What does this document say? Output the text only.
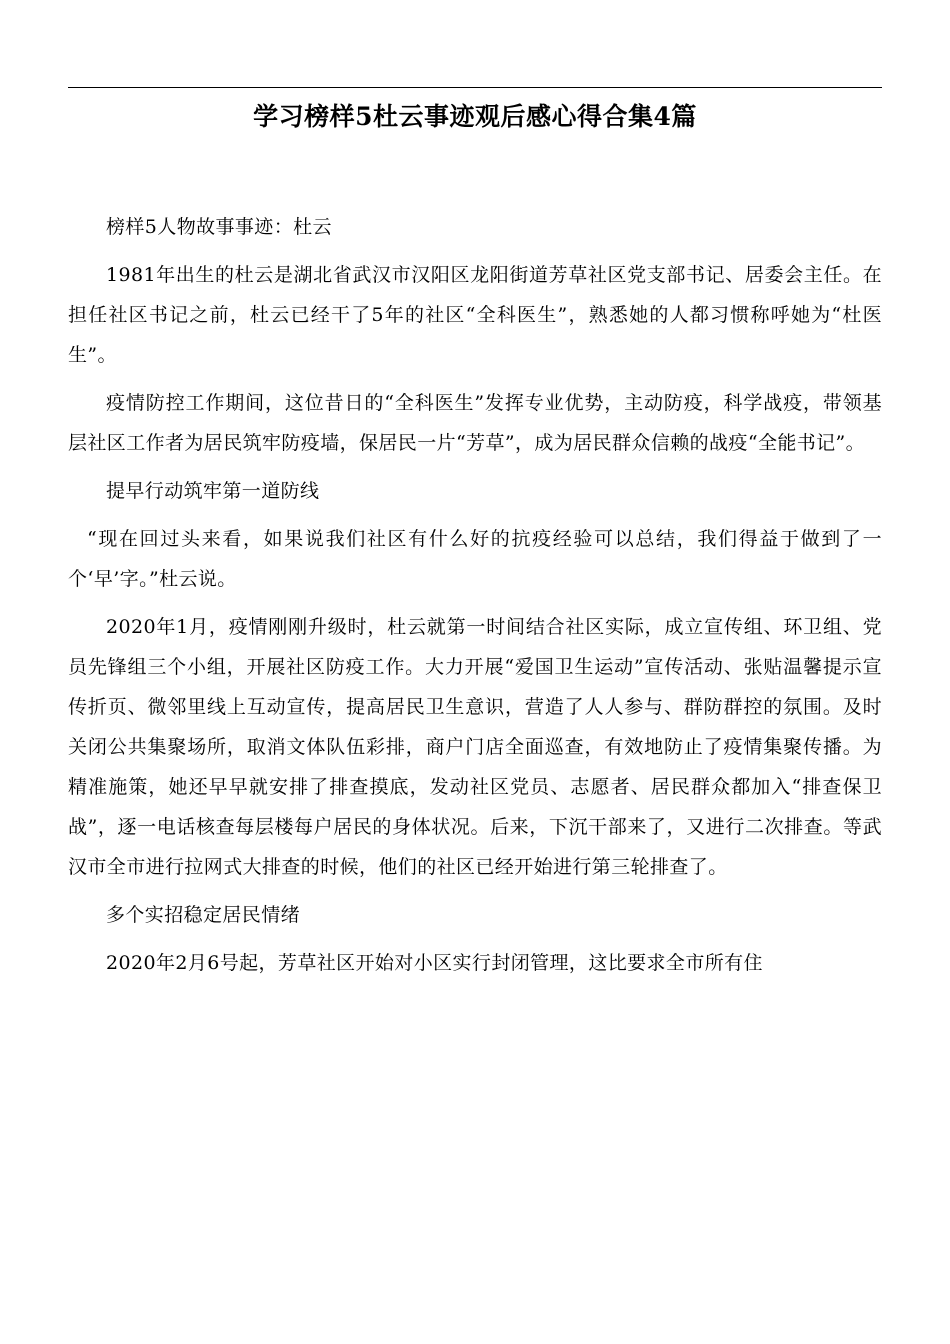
学习榜样5杜云事迹观后感心得合集4篇

榜样5人物故事事迹：杜云

1981年出生的杜云是湖北省武汉市汉阳区龙阳街道芳草社区党支部书记、居委会主任。在担任社区书记之前，杜云已经干了5年的社区“全科医生”，熟悉她的人都习惯称呼她为“杜医生”。

疫情防控工作期间，这位昔日的“全科医生”发挥专业优势，主动防疫，科学战疫，带领基层社区工作者为居民筑牢防疫墙，保居民一片“芳草”，成为居民群众信赖的战疫“全能书记”。

提早行动筑牢第一道防线

“现在回过头来看，如果说我们社区有什么好的抗疫经验可以总结，我们得益于做到了一个‘早’字。”杜云说。

2020年1月，疫情刚刚升级时，杜云就第一时间结合社区实际，成立宣传组、环卫组、党员先锋组三个小组，开展社区防疫工作。大力开展“爱国卫生运动”宣传活动、张贴温馨提示宣传折页、微邻里线上互动宣传，提高居民卫生意识，营造了人人参与、群防群控的氛围。及时关闭公共集聚场所，取消文体队伍彩排，商户门店全面巡查，有效地防止了疫情集聚传播。为精准施策，她还早早就安排了排查摸底，发动社区党员、志愿者、居民群众都加入“排查保卫战”，逐一电话核查每层楼每户居民的身体状况。后来，下沉干部来了，又进行二次排查。等武汉市全市进行拉网式大排查的时候，他们的社区已经开始进行第三轮排查了。

多个实招稳定居民情绪

2020年2月6号起，芳草社区开始对小区实行封闭管理，这比要求全市所有住
